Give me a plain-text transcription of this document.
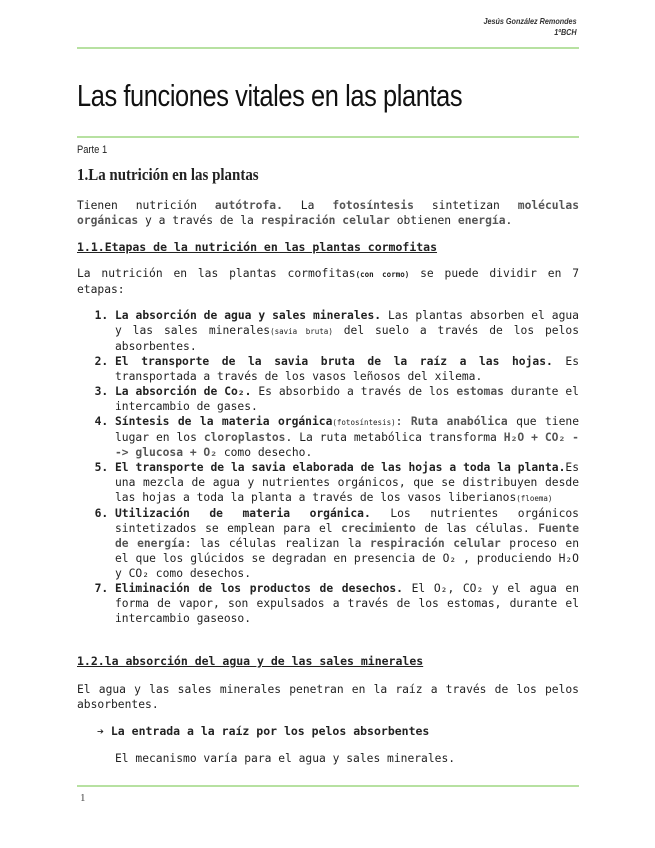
Jesús González Remondes
1ºBCH
Las funciones vitales en las plantas
Parte 1
1.La nutrición en las plantas
Tienen nutrición autótrofa. La fotosíntesis sintetizan moléculas orgánicas y a través de la respiración celular obtienen energía.
1.1.Etapas de la nutrición en las plantas cormofitas
La nutrición en las plantas cormofitas(con cormo) se puede dividir en 7 etapas:
1. La absorción de agua y sales minerales. Las plantas absorben el agua y las sales minerales(savia bruta) del suelo a través de los pelos absorbentes.
2. El transporte de la savia bruta de la raíz a las hojas. Es transportada a través de los vasos leñosos del xilema.
3. La absorción de Co₂. Es absorbido a través de los estomas durante el intercambio de gases.
4. Síntesis de la materia orgánica(fotosíntesis): Ruta anabólica que tiene lugar en los cloroplastos. La ruta metabólica transforma H₂O + CO₂ --> glucosa + O₂ como desecho.
5. El transporte de la savia elaborada de las hojas a toda la planta.Es una mezcla de agua y nutrientes orgánicos, que se distribuyen desde las hojas a toda la planta a través de los vasos liberianos(floema)
6. Utilización de materia orgánica. Los nutrientes orgánicos sintetizados se emplean para el crecimiento de las células. Fuente de energía: las células realizan la respiración celular proceso en el que los glúcidos se degradan en presencia de O₂ , produciendo H₂O y CO₂ como desechos.
7. Eliminación de los productos de desechos. El O₂, CO₂ y el agua en forma de vapor, son expulsados a través de los estomas, durante el intercambio gaseoso.
1.2.la absorción del agua y de las sales minerales
El agua y las sales minerales penetran en la raíz a través de los pelos absorbentes.
➔ La entrada a la raíz por los pelos absorbentes
El mecanismo varía para el agua y sales minerales.
1
